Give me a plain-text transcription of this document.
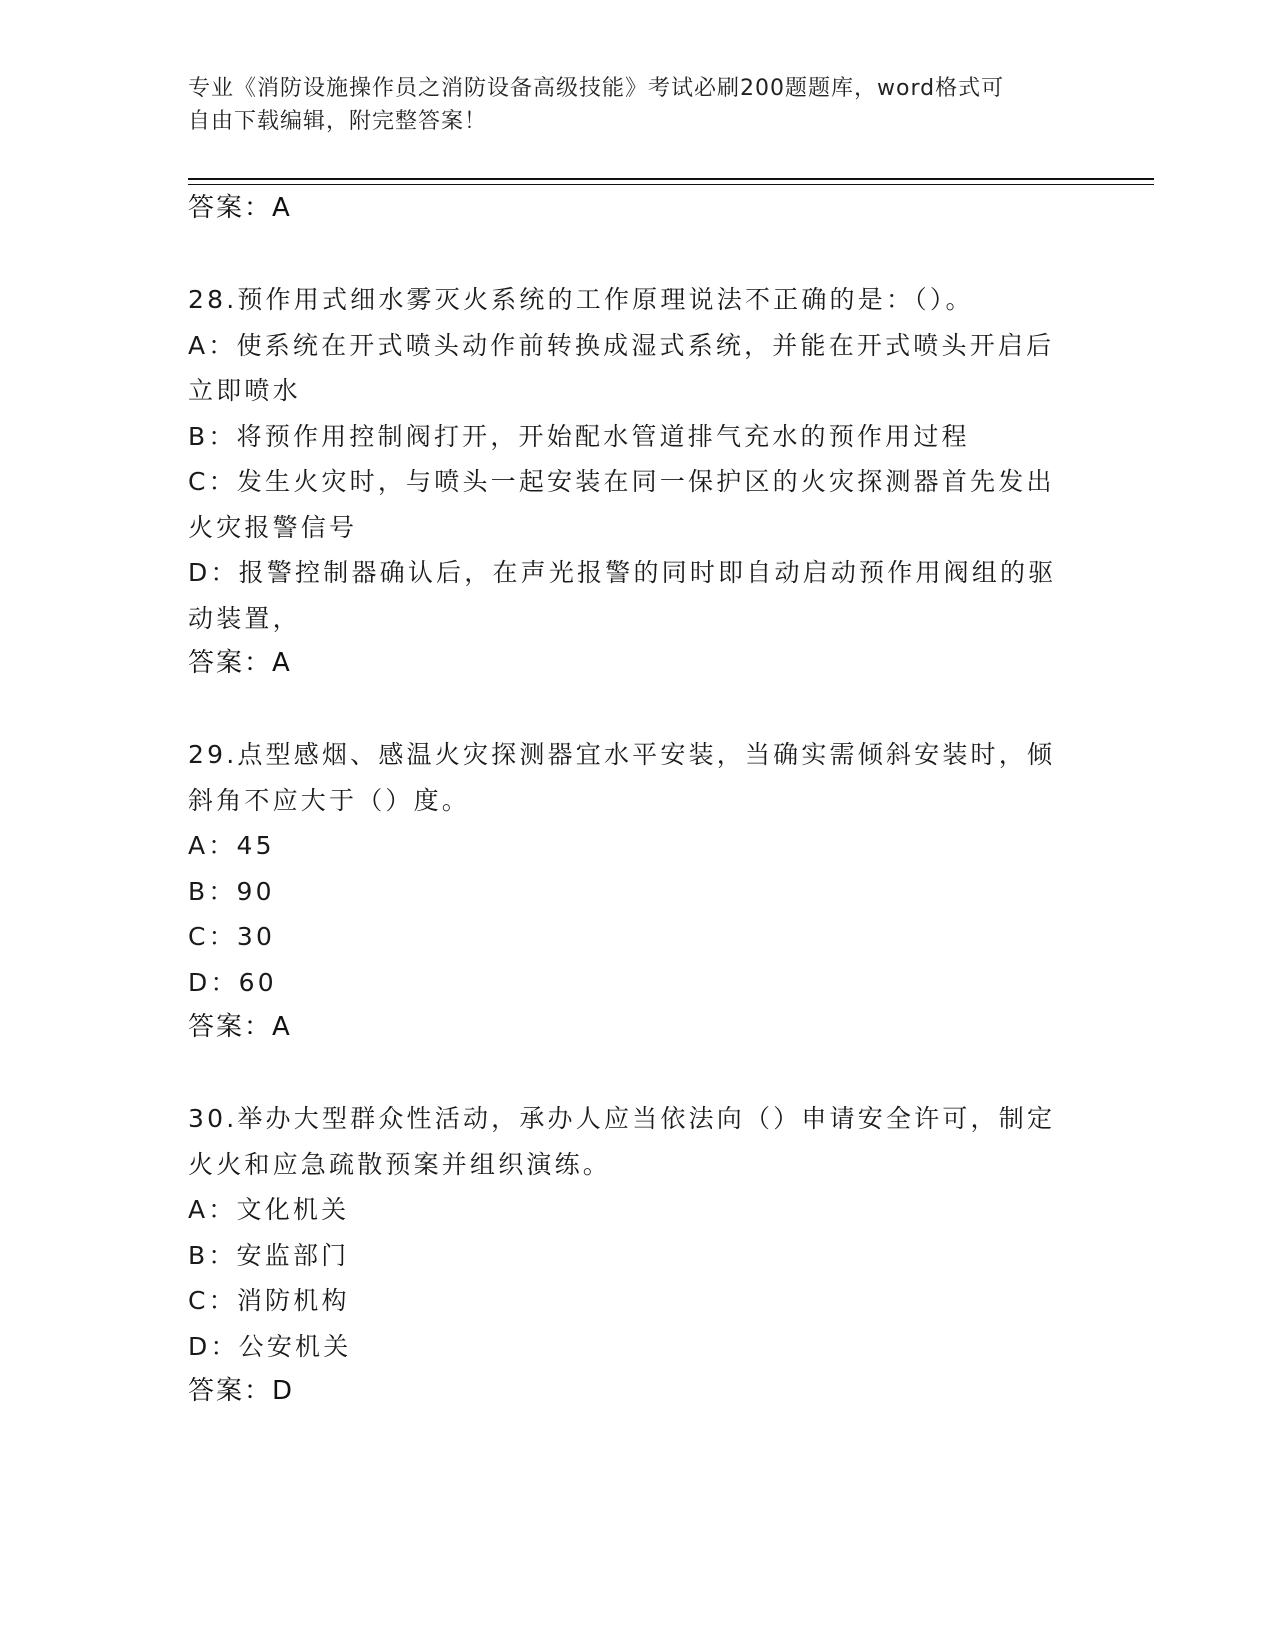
专业《消防设施操作员之消防设备高级技能》考试必刷200题题库，word格式可
自由下载编辑，附完整答案！
答案：A
28.预作用式细水雾灭火系统的工作原理说法不正确的是：（）。
A：使系统在开式喷头动作前转换成湿式系统，并能在开式喷头开启后
立即喷水
B：将预作用控制阀打开，开始配水管道排气充水的预作用过程
C：发生火灾时，与喷头一起安装在同一保护区的火灾探测器首先发出
火灾报警信号
D：报警控制器确认后，在声光报警的同时即自动启动预作用阀组的驱
动装置，
答案：A
29.点型感烟、感温火灾探测器宜水平安装，当确实需倾斜安装时，倾
斜角不应大于（）度。
A：45
B：90
C：30
D：60
答案：A
30.举办大型群众性活动，承办人应当依法向（）申请安全许可，制定
火火和应急疏散预案并组织演练。
A：文化机关
B：安监部门
C：消防机构
D：公安机关
答案：D
